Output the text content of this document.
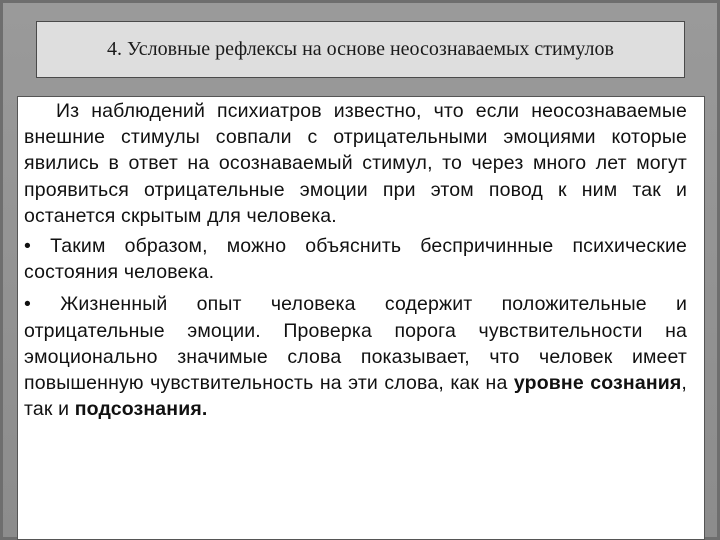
4. Условные рефлексы на основе неосознаваемых стимулов

Из наблюдений психиатров известно, что если неосознаваемые внешние стимулы совпали с отрицательными эмоциями которые явились в ответ на осознаваемый стимул, то через много лет могут проявиться отрицательные эмоции при этом повод к ним так и останется скрытым для человека.

• Таким образом, можно объяснить беспричинные психические состояния человека.

• Жизненный опыт человека содержит положительные и отрицательные эмоции. Проверка порога чувствительности на эмоционально значимые слова показывает, что человек имеет повышенную чувствительность на эти слова, как на уровне сознания, так и подсознания.
